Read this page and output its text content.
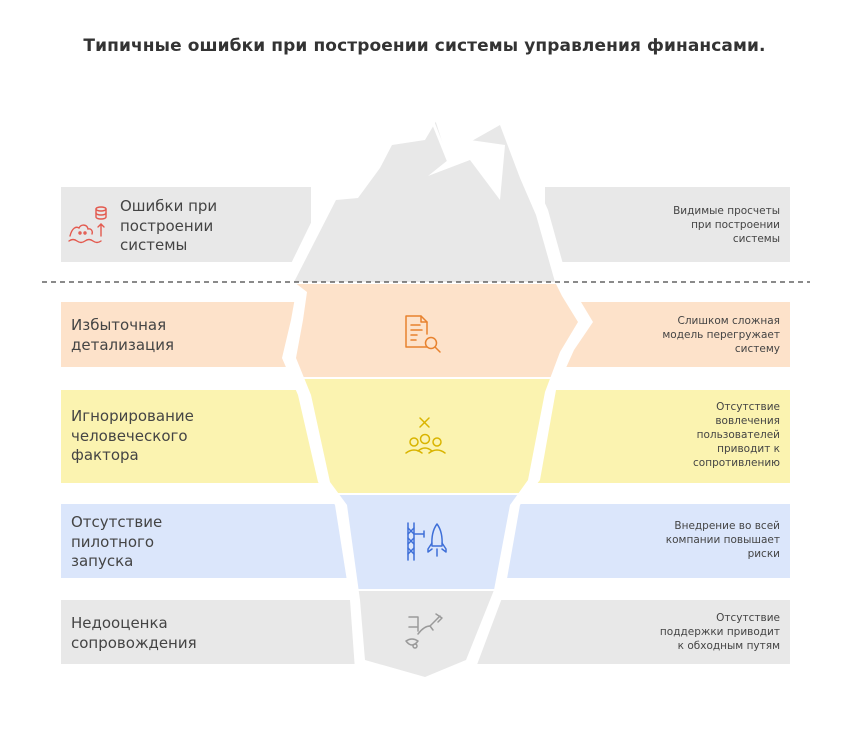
Типичные ошибки при построении системы управления финансами.
Ошибки при
построении
системы
Избыточная
детализация
Игнорирование
человеческого
фактора
Отсутствие
пилотного
запуска
Недооценка
сопровождения
Видимые просчеты
при построении
системы
Слишком сложная
модель перегружает
систему
Отсутствие
вовлечения
пользователей
приводит к
сопротивлению
Внедрение во всей
компании повышает
риски
Отсутствие
поддержки приводит
к обходным путям
